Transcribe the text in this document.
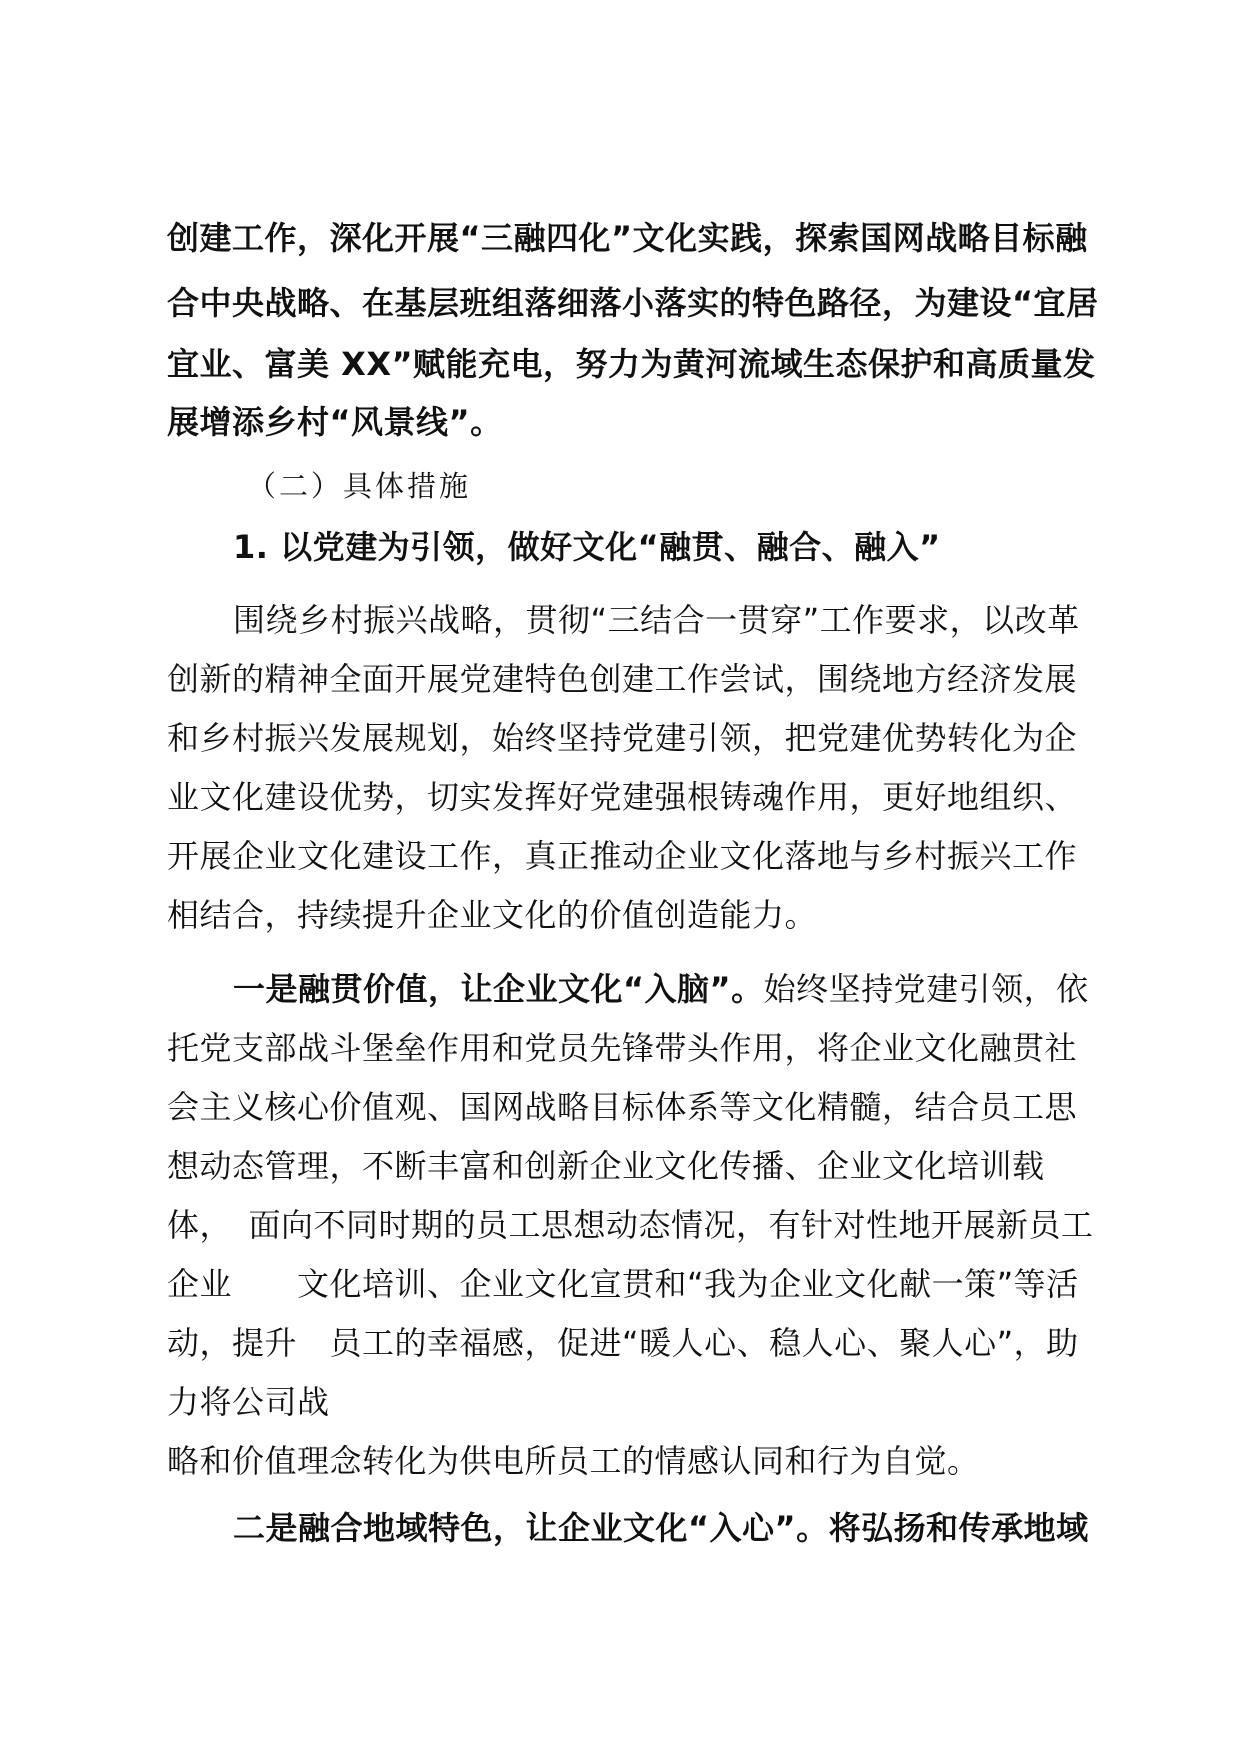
创建工作，深化开展“三融四化”文化实践，探索国网战略目标融
合中央战略、在基层班组落细落小落实的特色路径，为建设“宜居
宜业、富美 XX”赋能充电，努力为黄河流域生态保护和高质量发
展增添乡村“风景线”。
（二）具体措施
1. 以党建为引领，做好文化“融贯、融合、融入”
围绕乡村振兴战略，贯彻“三结合一贯穿”工作要求，以改革
创新的精神全面开展党建特色创建工作尝试，围绕地方经济发展
和乡村振兴发展规划，始终坚持党建引领，把党建优势转化为企
业文化建设优势，切实发挥好党建强根铸魂作用，更好地组织、
开展企业文化建设工作，真正推动企业文化落地与乡村振兴工作
相结合，持续提升企业文化的价值创造能力。
一是融贯价值，让企业文化“入脑”。始终坚持党建引领，依
托党支部战斗堡垒作用和党员先锋带头作用，将企业文化融贯社
会主义核心价值观、国网战略目标体系等文化精髓，结合员工思
想动态管理，不断丰富和创新企业文化传播、企业文化培训载
体，　面向不同时期的员工思想动态情况，有针对性地开展新员工
企业　　文化培训、企业文化宣贯和“我为企业文化献一策”等活
动，提升　员工的幸福感，促进“暖人心、稳人心、聚人心”，助
力将公司战
略和价值理念转化为供电所员工的情感认同和行为自觉。
二是融合地域特色，让企业文化“入心”。将弘扬和传承地域
